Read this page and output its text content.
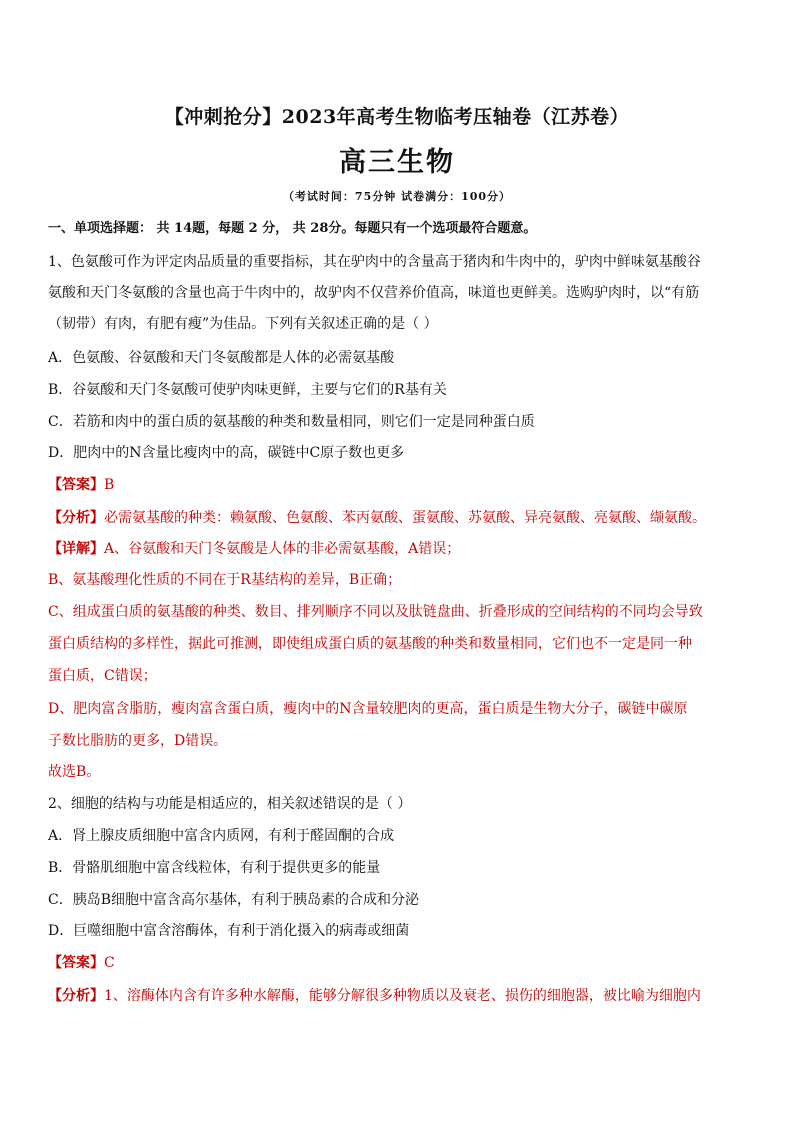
【冲刺抢分】2023年高考生物临考压轴卷（江苏卷）
高三生物
（考试时间：75分钟 试卷满分：100分）
一、单项选择题： 共 14题，每题 2 分， 共 28分。每题只有一个选项最符合题意。
1、色氨酸可作为评定肉品质量的重要指标，其在驴肉中的含量高于猪肉和牛肉中的，驴肉中鲜味氨基酸谷
氨酸和天门冬氨酸的含量也高于牛肉中的，故驴肉不仅营养价值高，味道也更鲜美。选购驴肉时，以“有筋
（韧带）有肉，有肥有瘦”为佳品。下列有关叙述正确的是（ ）
A．色氨酸、谷氨酸和天门冬氨酸都是人体的必需氨基酸
B．谷氨酸和天门冬氨酸可使驴肉味更鲜，主要与它们的R基有关
C．若筋和肉中的蛋白质的氨基酸的种类和数量相同，则它们一定是同种蛋白质
D．肥肉中的N含量比瘦肉中的高，碳链中C原子数也更多
【答案】B
【分析】必需氨基酸的种类：赖氨酸、色氨酸、苯丙氨酸、蛋氨酸、苏氨酸、异亮氨酸、亮氨酸、缬氨酸。
【详解】A、谷氨酸和天门冬氨酸是人体的非必需氨基酸，A错误；
B、氨基酸理化性质的不同在于R基结构的差异，B正确；
C、组成蛋白质的氨基酸的种类、数目、排列顺序不同以及肽链盘曲、折叠形成的空间结构的不同均会导致
蛋白质结构的多样性，据此可推测，即使组成蛋白质的氨基酸的种类和数量相同，它们也不一定是同一种
蛋白质，C错误；
D、肥肉富含脂肪，瘦肉富含蛋白质，瘦肉中的N含量较肥肉的更高，蛋白质是生物大分子，碳链中碳原
子数比脂肪的更多，D错误。
故选B。
2、细胞的结构与功能是相适应的，相关叙述错误的是（ ）
A．肾上腺皮质细胞中富含内质网，有利于醛固酮的合成
B．骨骼肌细胞中富含线粒体，有利于提供更多的能量
C．胰岛B细胞中富含高尔基体，有利于胰岛素的合成和分泌
D．巨噬细胞中富含溶酶体，有利于消化摄入的病毒或细菌
【答案】C
【分析】1、溶酶体内含有许多种水解酶，能够分解很多种物质以及衰老、损伤的细胞器，被比喻为细胞内
